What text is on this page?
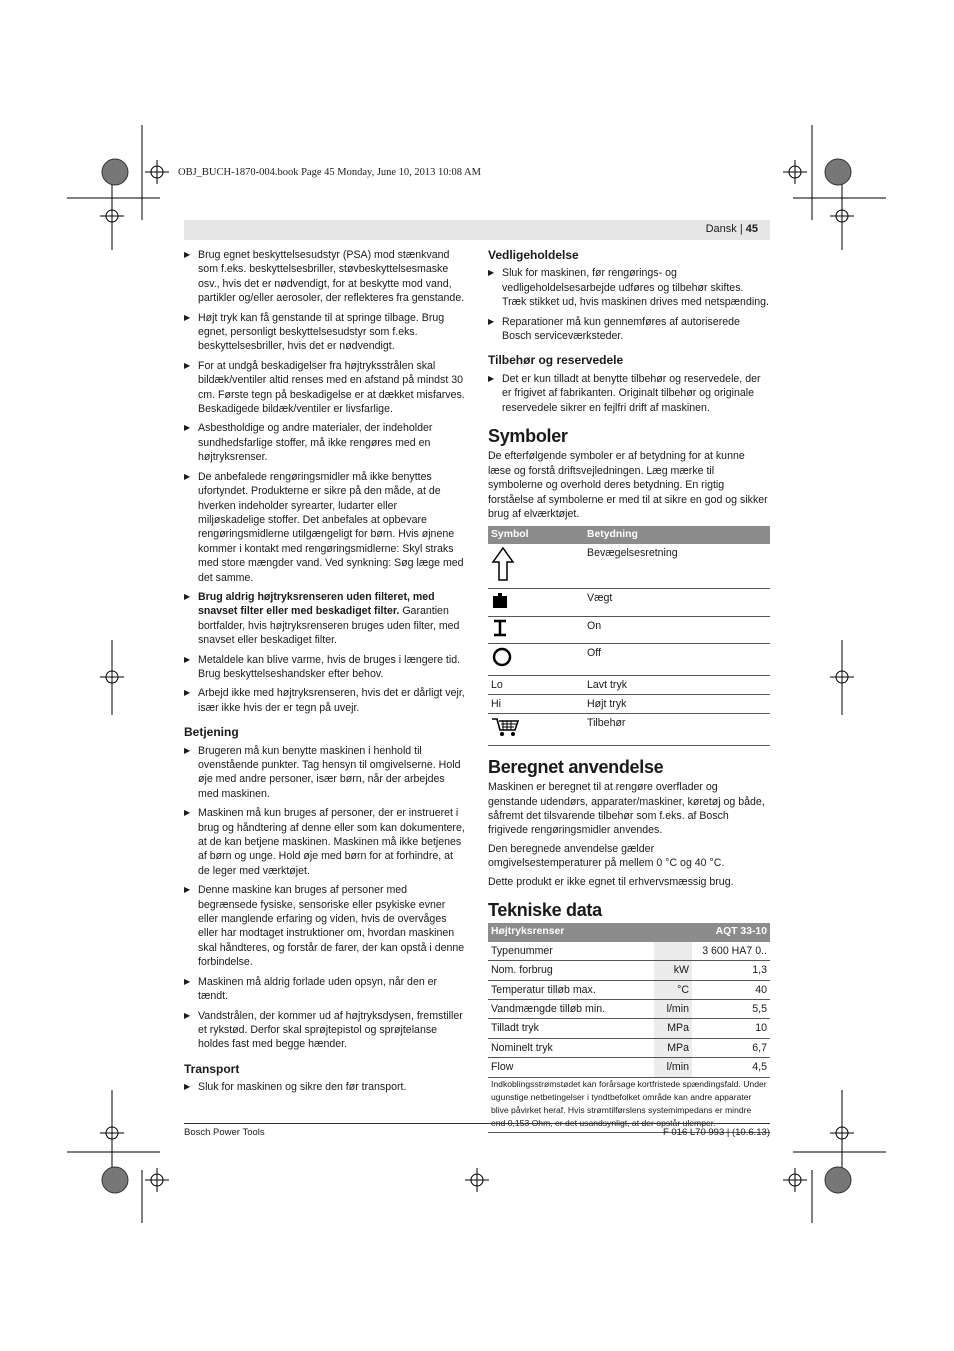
OBJ_BUCH-1870-004.book Page 45 Monday, June 10, 2013 10:08 AM
Dansk | 45
▶ Brug egnet beskyttelsesudstyr (PSA) mod stænkvand som f.eks. beskyttelsesbriller, støvbeskyttelsesmaske osv., hvis det er nødvendigt, for at beskytte mod vand, partikler og/eller aerosoler, der reflekteres fra genstande.
▶ Højt tryk kan få genstande til at springe tilbage. Brug egnet, personligt beskyttelsesudstyr som f.eks. beskyttelsesbriller, hvis det er nødvendigt.
▶ For at undgå beskadigelser fra højtryksstrålen skal bildæk/ventiler altid renses med en afstand på mindst 30 cm. Første tegn på beskadigelse er at dækket misfarves. Beskadigede bildæk/ventiler er livsfarlige.
▶ Asbestholdige og andre materialer, der indeholder sundhedsfarlige stoffer, må ikke rengøres med en højtryksrenser.
▶ De anbefalede rengøringsmidler må ikke benyttes ufortyndet. Produkterne er sikre på den måde, at de hverken indeholder syrearter, ludarter eller miljøskadelige stoffer. Det anbefales at opbevare rengøringsmidlerne utilgængeligt for børn. Hvis øjnene kommer i kontakt med rengøringsmidlerne: Skyl straks med store mængder vand. Ved synkning: Søg læge med det samme.
▶ Brug aldrig højtryksrenseren uden filteret, med snavset filter eller med beskadiget filter. Garantien bortfalder, hvis højtryksrenseren bruges uden filter, med snavset eller beskadiget filter.
▶ Metaldele kan blive varme, hvis de bruges i længere tid. Brug beskyttelseshandsker efter behov.
▶ Arbejd ikke med højtryksrenseren, hvis det er dårligt vejr, især ikke hvis der er tegn på uvejr.
Betjening
▶ Brugeren må kun benytte maskinen i henhold til ovenstående punkter. Tag hensyn til omgivelserne. Hold øje med andre personer, især børn, når der arbejdes med maskinen.
▶ Maskinen må kun bruges af personer, der er instrueret i brug og håndtering af denne eller som kan dokumentere, at de kan betjene maskinen. Maskinen må ikke betjenes af børn og unge. Hold øje med børn for at forhindre, at de leger med værktøjet.
▶ Denne maskine kan bruges af personer med begrænsede fysiske, sensoriske eller psykiske evner eller manglende erfaring og viden, hvis de overvåges eller har modtaget instruktioner om, hvordan maskinen skal håndteres, og forstår de farer, der kan opstå i denne forbindelse.
▶ Maskinen må aldrig forlade uden opsyn, når den er tændt.
▶ Vandstrålen, der kommer ud af højtryksdysen, fremstiller et rykstød. Derfor skal sprøjtepistol og sprøjtelanse holdes fast med begge hænder.
Transport
▶ Sluk for maskinen og sikre den før transport.
Vedligeholdelse
▶ Sluk for maskinen, før rengørings- og vedligeholdelsesarbejde udføres og tilbehør skiftes. Træk stikket ud, hvis maskinen drives med netspænding.
▶ Reparationer må kun gennemføres af autoriserede Bosch serviceværksteder.
Tilbehør og reservedele
▶ Det er kun tilladt at benytte tilbehør og reservedele, der er frigivet af fabrikanten. Originalt tilbehør og originale reservedele sikrer en fejlfri drift af maskinen.
Symboler

De efterfølgende symboler er af betydning for at kunne læse og forstå driftsvejledningen. Læg mærke til symbolerne og overhold deres betydning. En rigtig forståelse af symbolerne er med til at sikre en god og sikker brug af elværktøjet.

Symbol	Betydning
	Bevægelsesretning
	Vægt
	On
	Off
Lo	Lavt tryk
Hi	Højt tryk
	Tilbehør
Beregnet anvendelse

Maskinen er beregnet til at rengøre overflader og genstande udendørs, apparater/maskiner, køretøj og både, såfremt det tilsvarende tilbehør som f.eks. af Bosch frigivede rengøringsmidler anvendes.

Den beregnede anvendelse gælder omgivelsestemperaturer på mellem 0 °C og 40 °C.

Dette produkt er ikke egnet til erhvervsmæssig brug.

Tekniske data
Højtryksrenser		AQT 33-10
Typenummer		3 600 HA7 0..
Nom. forbrug	kW	1,3
Temperatur tilløb max.	°C	40
Vandmængde tilløb min.	l/min	5,5
Tilladt tryk	MPa	10
Nominelt tryk	MPa	6,7
Flow	l/min	4,5
Indkoblingsstrømstødet kan forårsage kortfristede spændingsfald. Under ugunstige netbetingelser i tyndtbefolket område kan andre apparater blive påvirket heraf. Hvis strømtilførslens systemimpedans er mindre
Bosch Power Tools	F 016 L70 993 | (10.6.13)
